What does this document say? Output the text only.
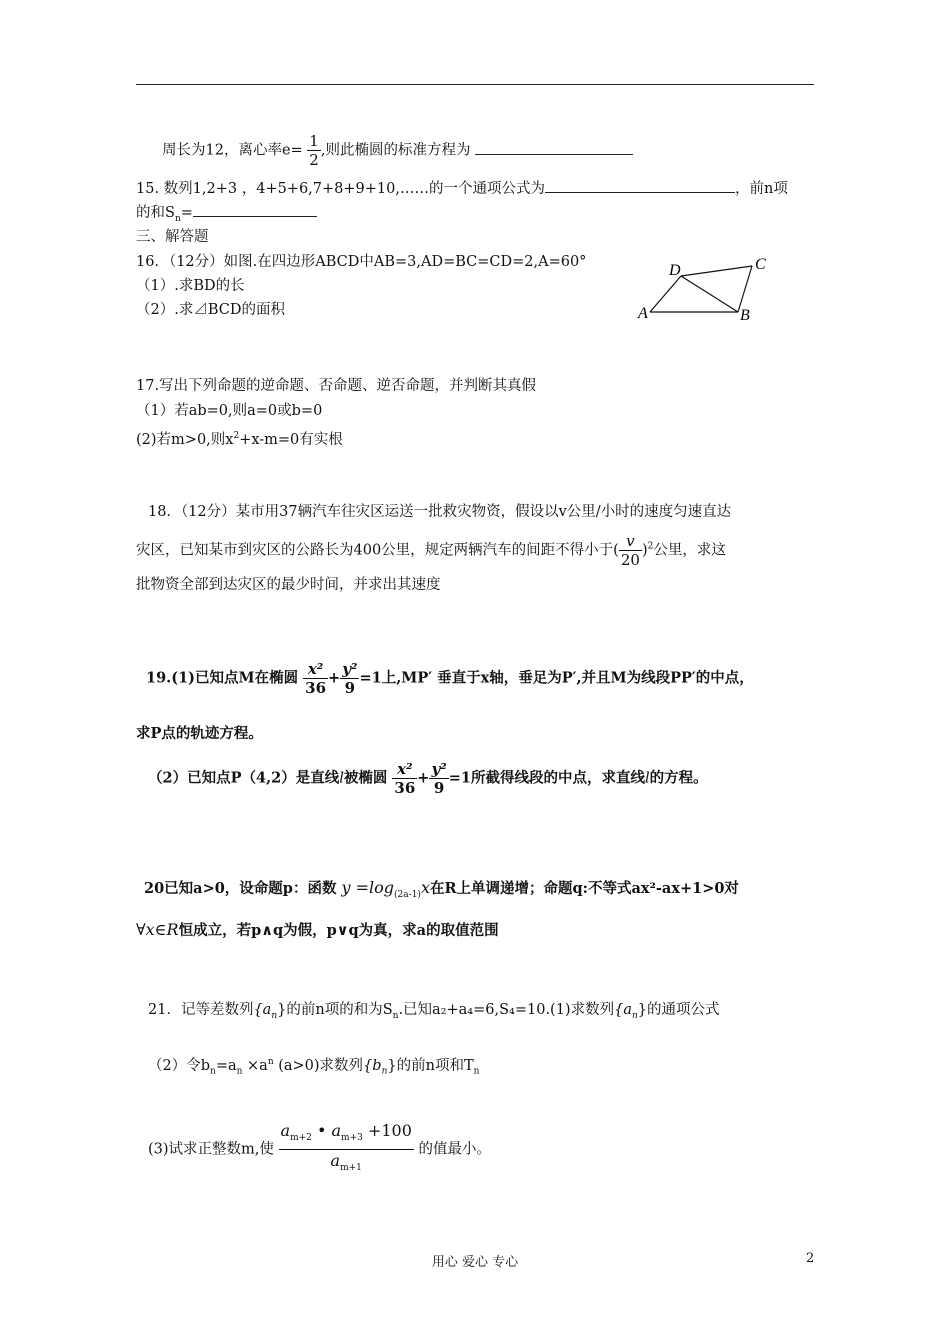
周长为12，离心率$e= \frac{1}{2}$ ,则此椭圆的标准方程为
15. 数列1,2+3 ，4+5+6,7+8+9+10,……的一个通项公式为	，前n项
的和$S_n=$
三、解答题
16．（12分）如图.在四边形ABCD中AB=3,AD=BC=CD=2,A=60°
（1）.求BD的长
（2）.求⊿BCD的面积	A	B
C
D
17.写出下列命题的逆命题、否命题、逆否命题，并判断其真假
（1）若ab=0,则a=0或b=0
(2)若m>0,则$x^2+x-m=0$有实根
18．（12分）某市用37辆汽车往灾区运送一批救灾物资，假设以v公里/小时的速度匀速直达
灾区，已知某市到灾区的公路长为400公里，规定两辆汽车的间距不得小于( $\frac{v}{20} )^2$公里，求这
批物资全部到达灾区的最少时间，并求出其速度
19.(1)已知点M在椭圆 $\frac{\text{x²}}{36} + \frac{\text{y²}}{9} =1$上,MP′ 垂直于x轴，垂足为P′,并且M为线段PP′的中点，
求P点的轨迹方程。
（2）已知点P（4,2）是直线l被椭圆 $\frac{\text{x²}}{36} + \frac{\text{y²}}{9} =1$所截得线段的中点，求直线l的方程。
20已知a>0，设命题p：函数 $y =\log_{(2a-1)}x$在R上单调递增；命题q:不等式ax²-ax+1>0对
∀x∈R恒成立，若p∧q为假，p∨q为真，求a的取值范围
21．记等差数列$\{a_n\}$的前n项的和为$S_n$.已知a₂+a₄=6,S₄=10.(1)求数列$\{a_n\}$的通项公式
（2）令$b_n=a_n \times a^n$ (a>0)求数列$\{b_n\}$的前n项和$T_n$
(3)试求正整数m,使 $\frac{a_{m+2} • a_{m+3} +100}{a_{m+1}}$ 的值最小。
用心 爱心 专心	2
